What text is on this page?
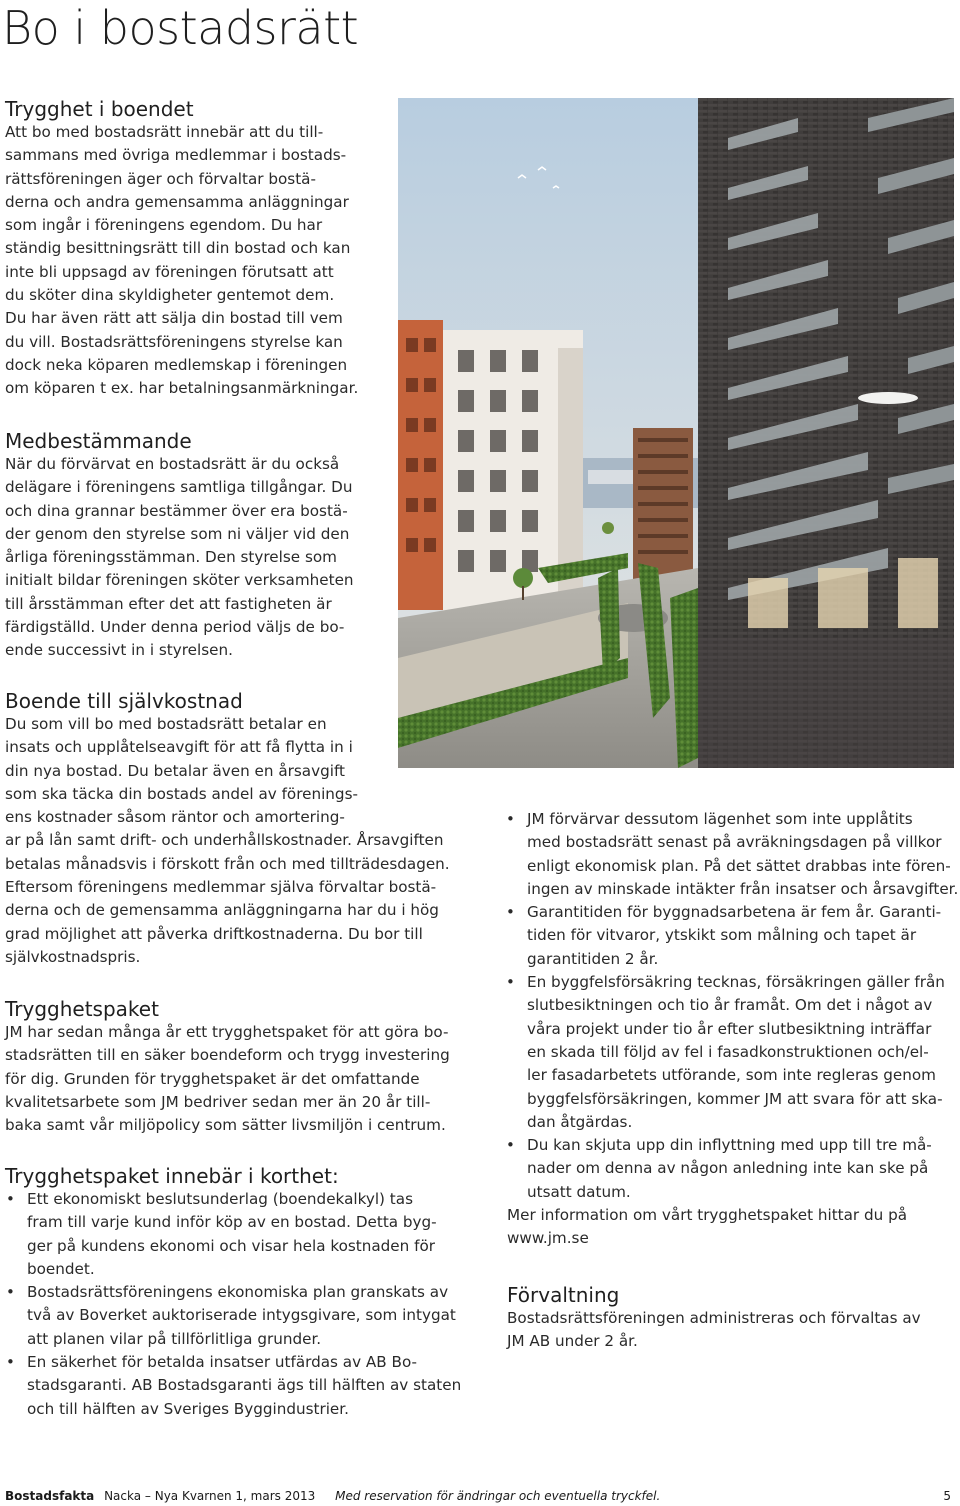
Bo i bostadsrätt
Trygghet i boendet
Att bo med bostadsrätt innebär att du till-
sammans med övriga medlemmar i bostads-
rättsföreningen äger och förvaltar bostä-
derna och andra gemensamma anläggningar
som ingår i föreningens egendom. Du har
ständig besittningsrätt till din bostad och kan
inte bli uppsagd av föreningen förutsatt att
du sköter dina skyldigheter gentemot dem.
Du har även rätt att sälja din bostad till vem
du vill. Bostadsrättsföreningens styrelse kan
dock neka köparen medlemskap i föreningen
om köparen t ex. har betalningsanmärkningar.
Medbestämmande
När du förvärvat en bostadsrätt är du också
delägare i föreningens samtliga tillgångar. Du
och dina grannar bestämmer över era bostä-
der genom den styrelse som ni väljer vid den
årliga föreningsstämman. Den styrelse som
initialt bildar föreningen sköter verksamheten
till årsstämman efter det att fastigheten är
färdigställd. Under denna period väljs de bo-
ende successivt in i styrelsen.
Boende till självkostnad
Du som vill bo med bostadsrätt betalar en
insats och upplåtelseavgift för att få flytta in i
din nya bostad. Du betalar även en årsavgift
som ska täcka din bostads andel av förenings-
ens kostnader såsom räntor och amortering-
ar på lån samt drift- och underhållskostnader. Årsavgiften
betalas månadsvis i förskott från och med tillträdesdagen.
Eftersom föreningens medlemmar själva förvaltar bostä-
derna och de gemensamma anläggningarna har du i hög
grad möjlighet att påverka driftkostnaderna. Du bor till
självkostnadspris.
Trygghetspaket
JM har sedan många år ett trygghetspaket för att göra bo-
stadsrätten till en säker boendeform och trygg investering
för dig. Grunden för trygghetspaket är det omfattande
kvalitetsarbete som JM bedriver sedan mer än 20 år till-
baka samt vår miljöpolicy som sätter livsmiljön i centrum.
Trygghetspaket innebär i korthet:
• Ett ekonomiskt beslutsunderlag (boendekalkyl) tas
fram till varje kund inför köp av en bostad. Detta byg-
ger på kundens ekonomi och visar hela kostnaden för
boendet.
• Bostadsrättsföreningens ekonomiska plan granskats av
två av Boverket auktoriserade intygsgivare, som intygat
att planen vilar på tillförlitliga grunder.
• En säkerhet för betalda insatser utfärdas av AB Bo-
stadsgaranti. AB Bostadsgaranti ägs till hälften av staten
och till hälften av Sveriges Byggindustrier.
• JM förvärvar dessutom lägenhet som inte upplåtits
med bostadsrätt senast på avräkningsdagen på villkor
enligt ekonomisk plan. På det sättet drabbas inte fören-
ingen av minskade intäkter från insatser och årsavgifter.
• Garantitiden för byggnadsarbetena är fem år. Garanti-
tiden för vitvaror, ytskikt som målning och tapet är
garantitiden 2 år.
• En byggfelsförsäkring tecknas, försäkringen gäller från
slutbesiktningen och tio år framåt. Om det i något av
våra projekt under tio år efter slutbesiktning inträffar
en skada till följd av fel i fasadkonstruktionen och/el-
ler fasadarbetets utförande, som inte regleras genom
byggfelsförsäkringen, kommer JM att svara för att ska-
dan åtgärdas.
• Du kan skjuta upp din inflyttning med upp till tre må-
nader om denna av någon anledning inte kan ske på
utsatt datum.
Mer information om vårt trygghetspaket hittar du på
www.jm.se
Förvaltning
Bostadsrättsföreningen administreras och förvaltas av
JM AB under 2 år.
Bostadsfakta Nacka – Nya Kvarnen 1, mars 2013 Med reservation för ändringar och eventuella tryckfel.	5
